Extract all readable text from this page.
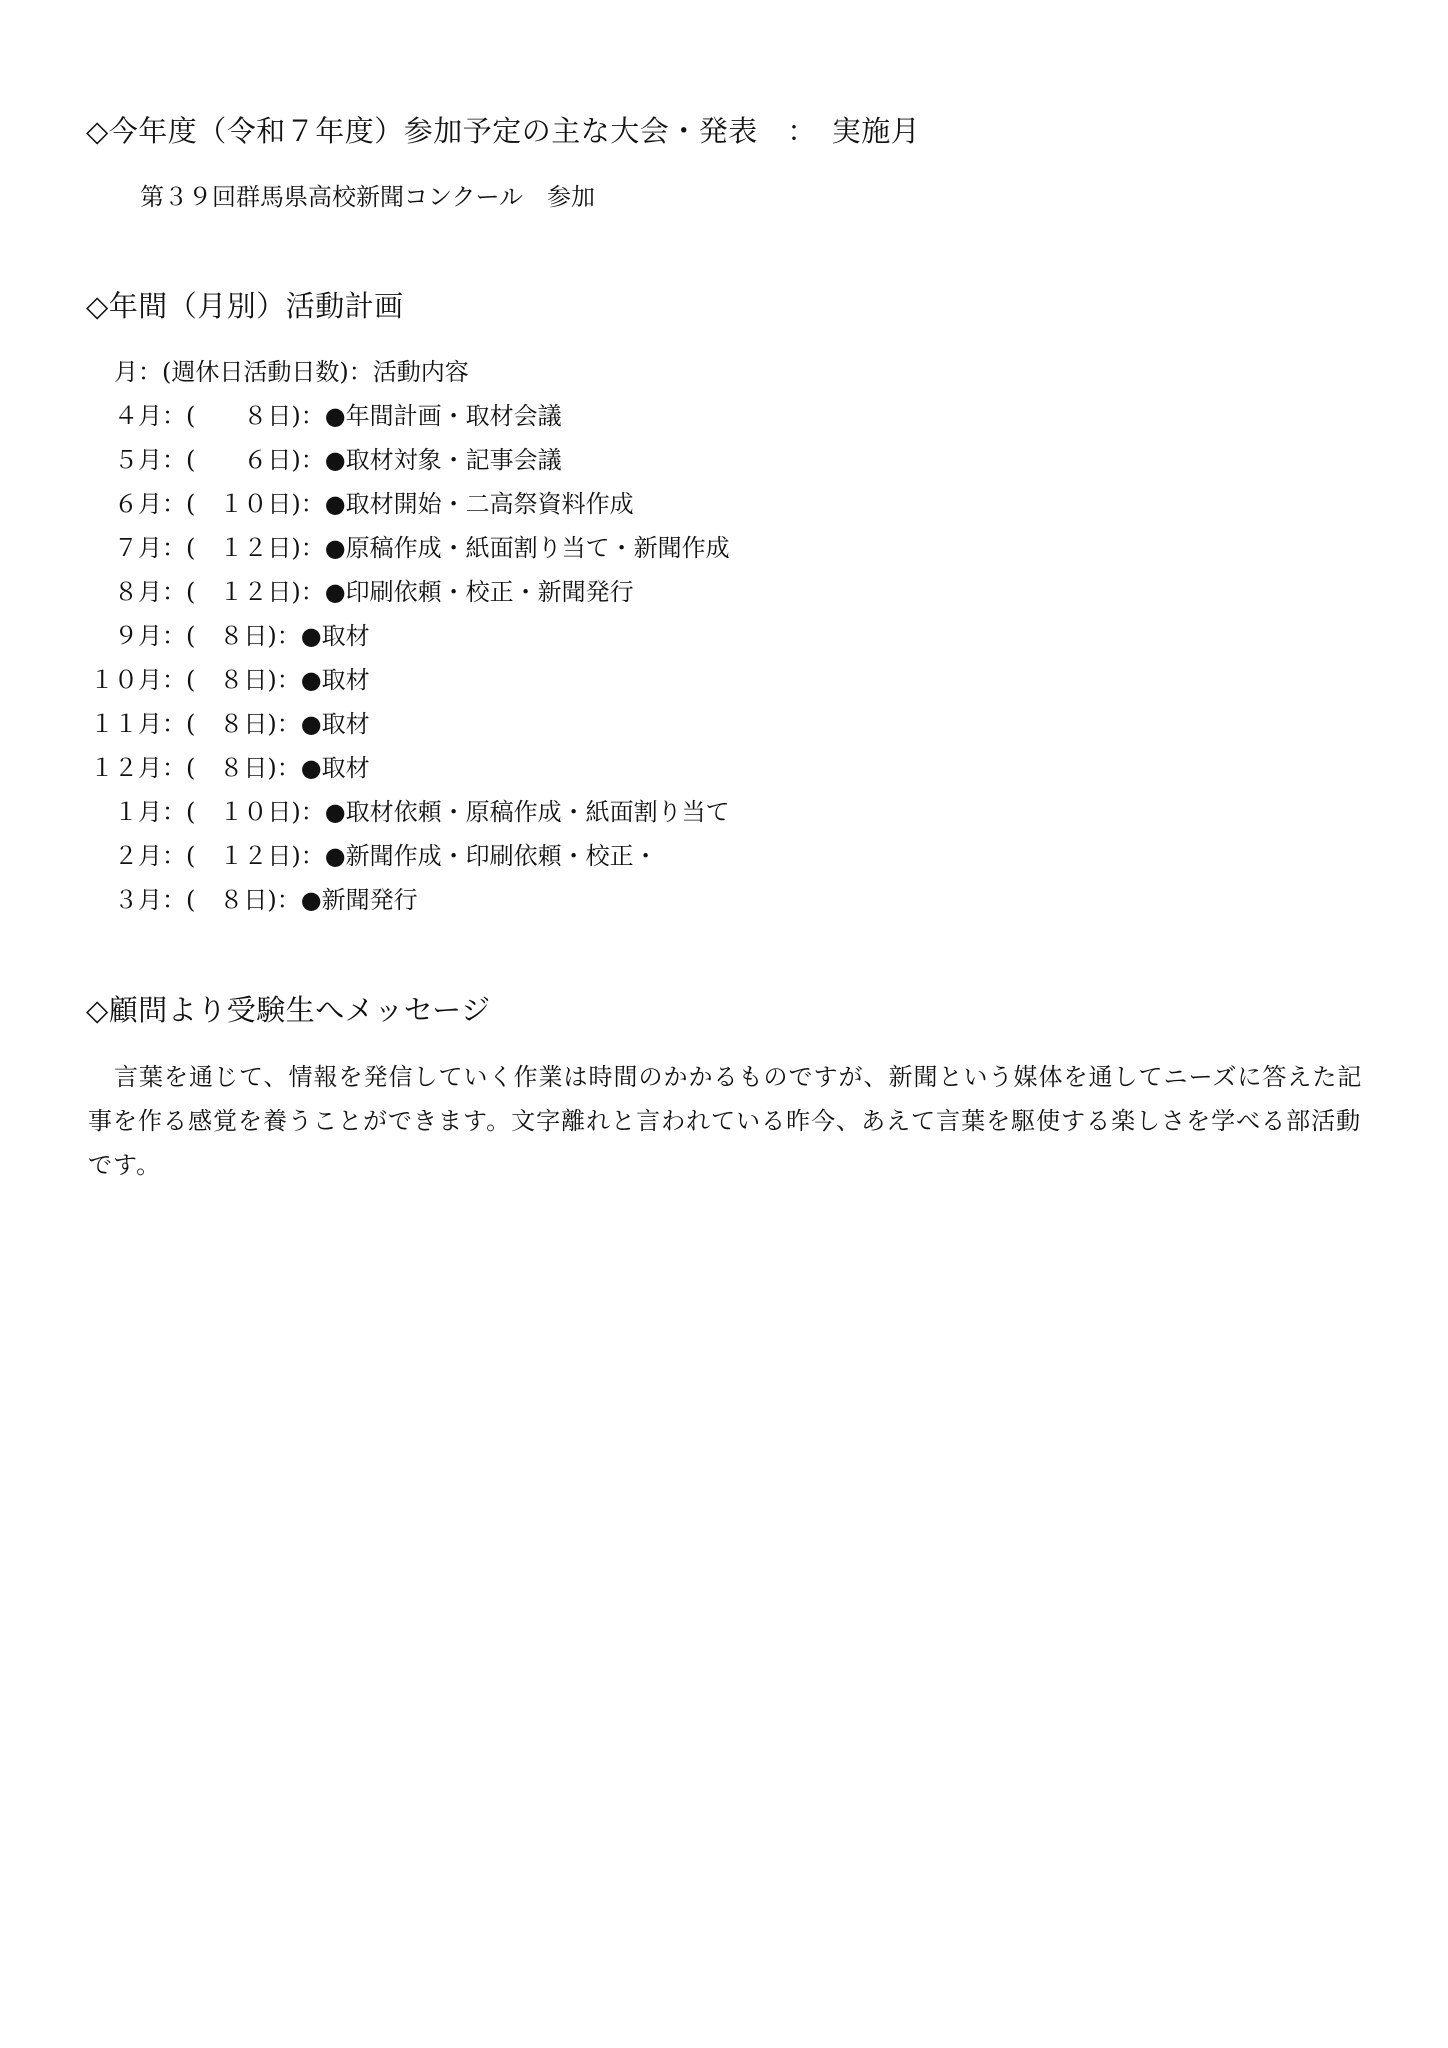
◇今年度（令和７年度）参加予定の主な大会・発表　：　実施月
第３９回群馬県高校新聞コンクール　参加
◇年間（月別）活動計画
月：(週休日活動日数)：活動内容
　４月：(　　８日)：●年間計画・取材会議
　５月：(　　６日)：●取材対象・記事会議
　６月：(　１０日)：●取材開始・二高祭資料作成
　７月：(　１２日)：●原稿作成・紙面割り当て・新聞作成
　８月：(　１２日)：●印刷依頼・校正・新聞発行
　９月：(　８日)：●取材
１０月：(　８日)：●取材
１１月：(　８日)：●取材
１２月：(　８日)：●取材
　１月：(　１０日)：●取材依頼・原稿作成・紙面割り当て
　２月：(　１２日)：●新聞作成・印刷依頼・校正・
　３月：(　８日)：●新聞発行
◇顧問より受験生へメッセージ

言葉を通じて、情報を発信していく作業は時間のかかるものですが、新聞という媒体を通してニーズに答えた記事を作る感覚を養うことができます。文字離れと言われている昨今、あえて言葉を駆使する楽しさを学べる部活動です。
